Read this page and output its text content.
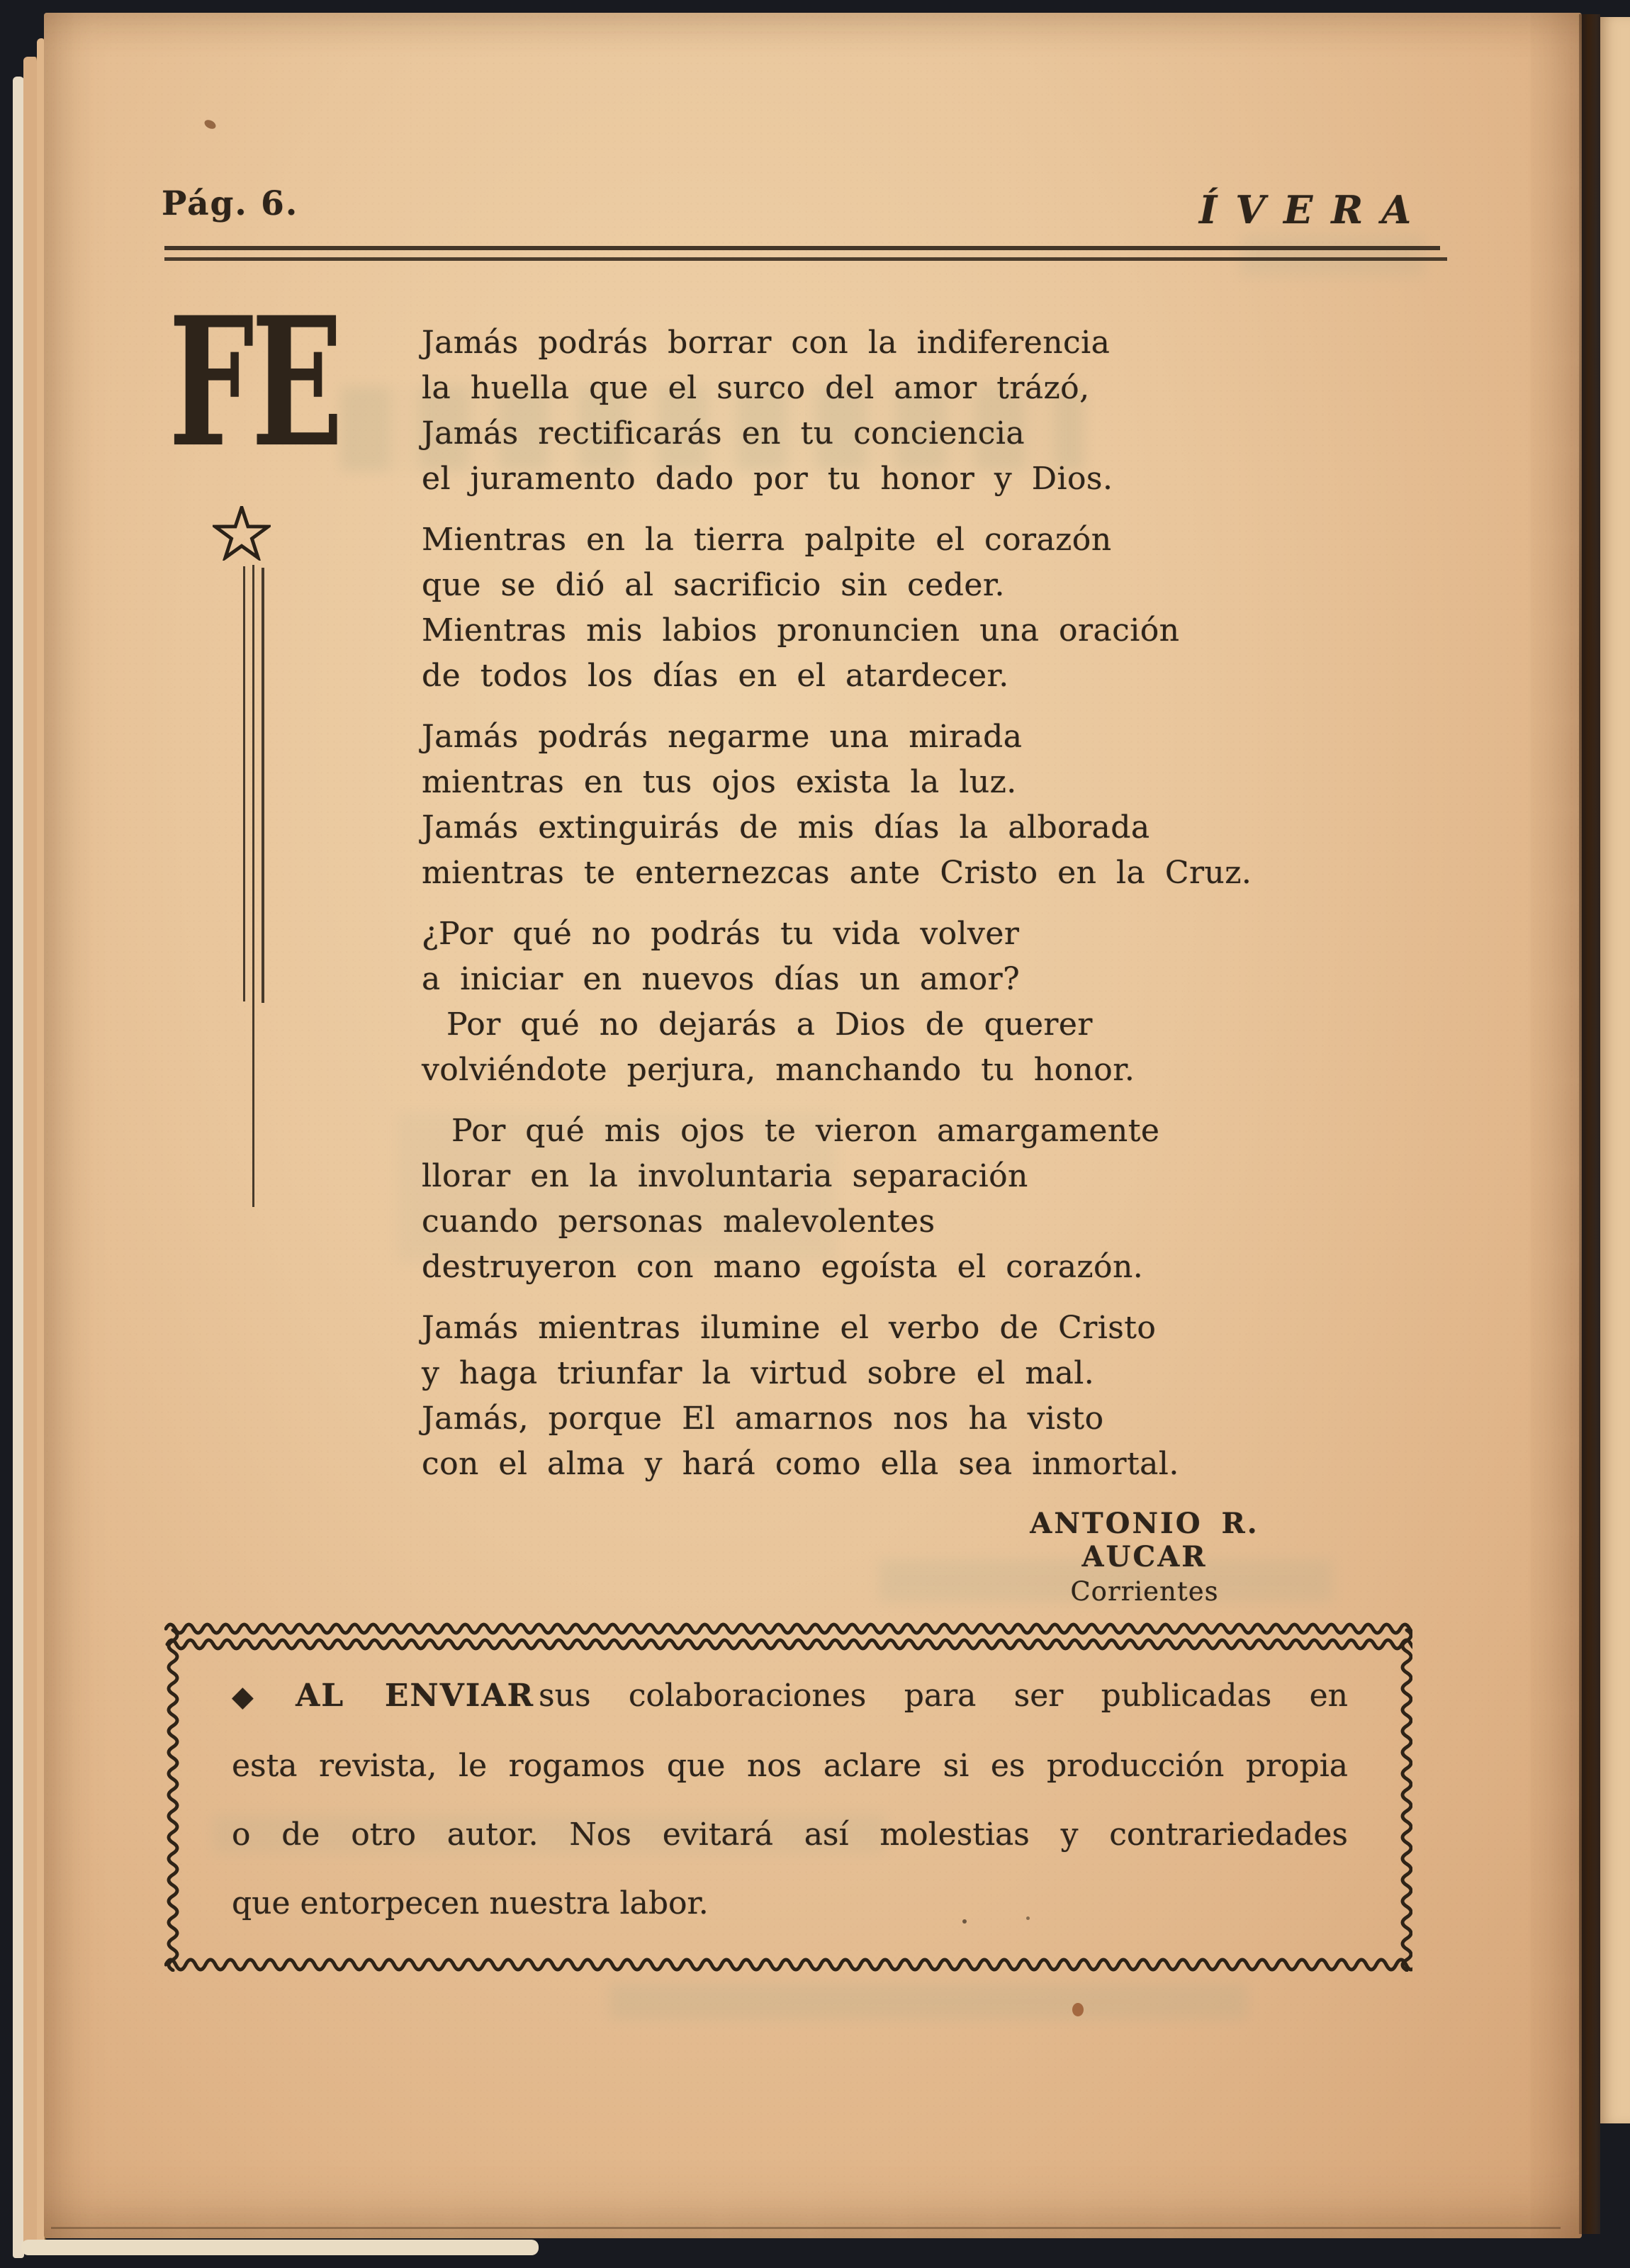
Pág. 6.	ÍVERA
FE	Jamás podrás borrar con la indiferencia
la huella que el surco del amor trázó,
Jamás rectificarás en tu conciencia
el juramento dado por tu honor y Dios.
Mientras en la tierra palpite el corazón
que se dió al sacrificio sin ceder.
Mientras mis labios pronuncien una oración
de todos los días en el atardecer.
Jamás podrás negarme una mirada
mientras en tus ojos exista la luz.
Jamás extinguirás de mis días la alborada
mientras te enternezcas ante Cristo en la Cruz.
¿Por qué no podrás tu vida volver
a iniciar en nuevos días un amor?
Por qué no dejarás a Dios de querer
volviéndote perjura, manchando tu honor.
Por qué mis ojos te vieron amargamente
llorar en la involuntaria separación
cuando personas malevolentes
destruyeron con mano egoísta el corazón.
Jamás mientras ilumine el verbo de Cristo
y haga triunfar la virtud sobre el mal.
Jamás, porque El amarnos nos ha visto
con el alma y hará como ella sea inmortal.
ANTONIO R. AUCAR
Corrientes
◆ AL ENVIAR sus colaboraciones para ser publicadas en
esta revista, le rogamos que nos aclare si es producción propia
o de otro autor. Nos evitará así molestias y contrariedades
que entorpecen nuestra labor.
